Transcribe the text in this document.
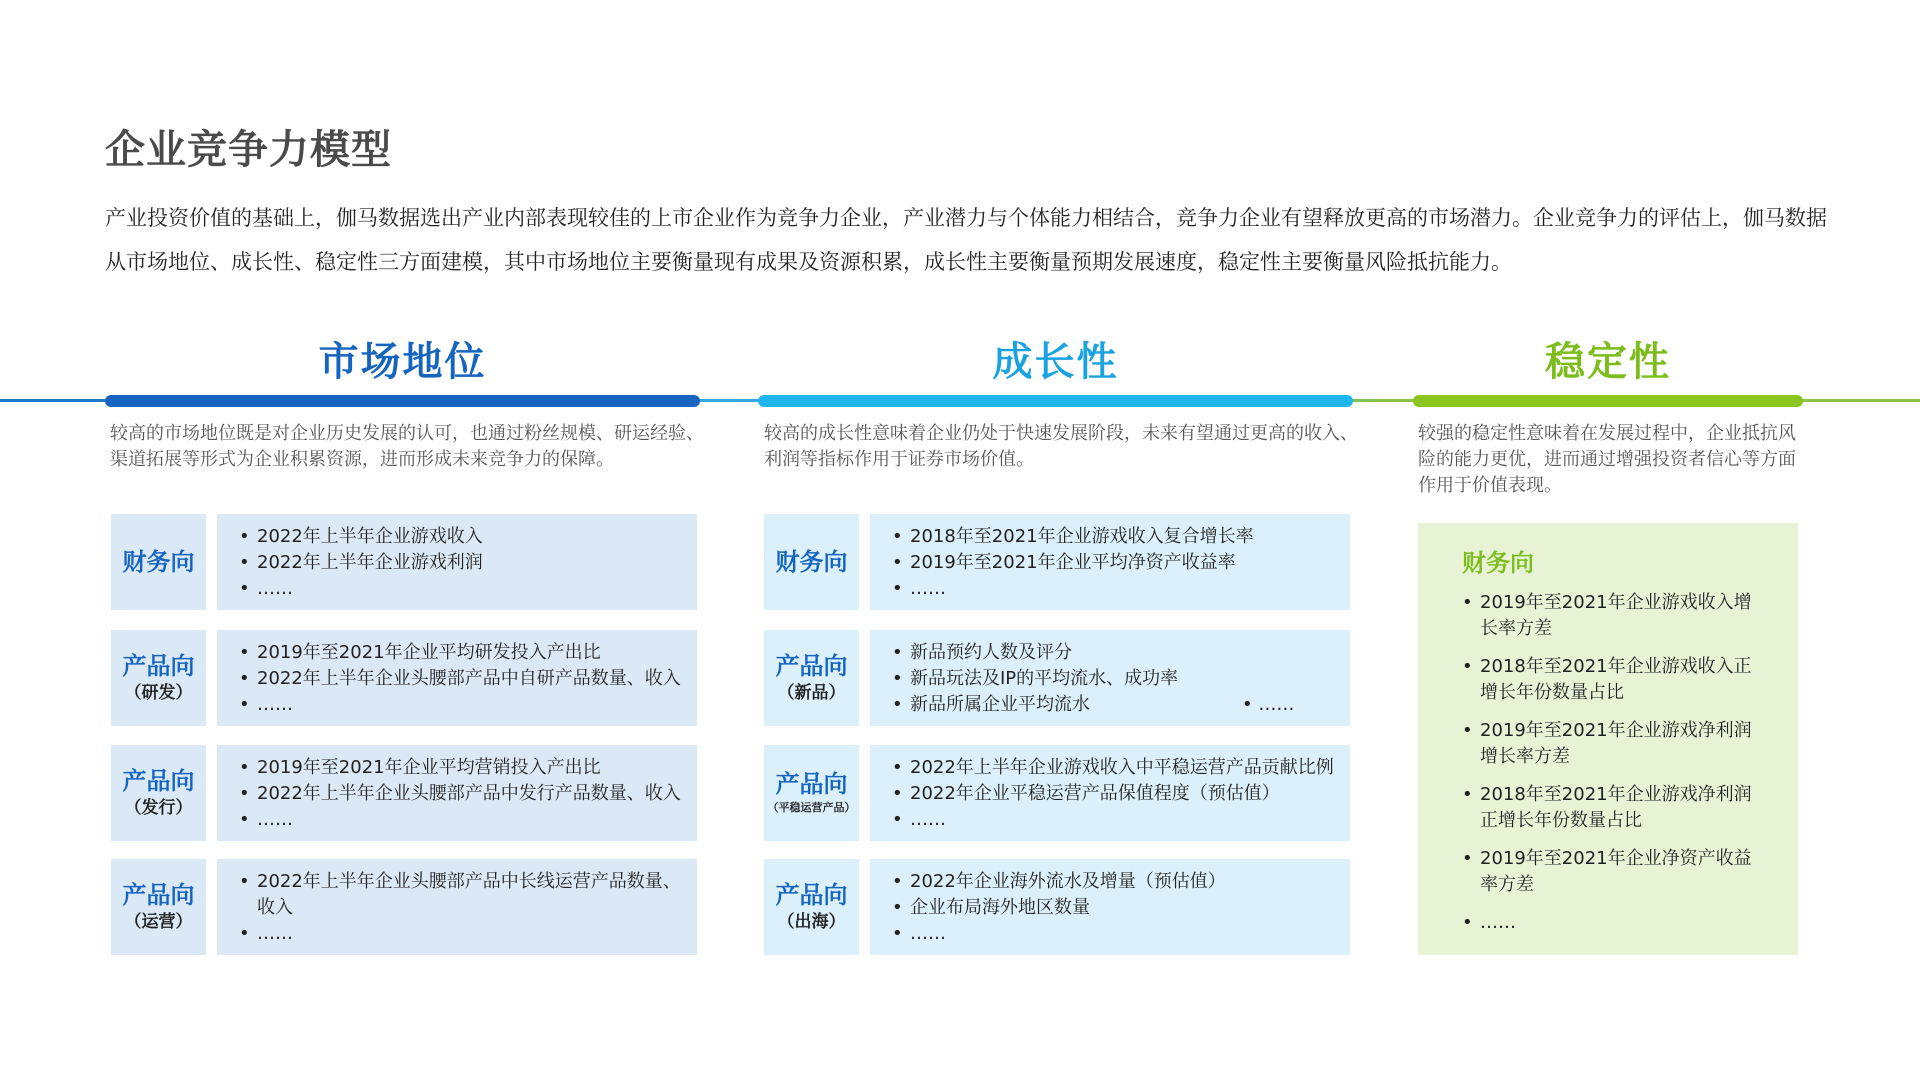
企业竞争力模型
产业投资价值的基础上，伽马数据选出产业内部表现较佳的上市企业作为竞争力企业，产业潜力与个体能力相结合，竞争力企业有望释放更高的市场潜力。企业竞争力的评估上，伽马数据从市场地位、成长性、稳定性三方面建模，其中市场地位主要衡量现有成果及资源积累，成长性主要衡量预期发展速度，稳定性主要衡量风险抵抗能力。
市场地位	成长性	稳定性
较高的市场地位既是对企业历史发展的认可，也通过粉丝规模、研运经验、渠道拓展等形式为企业积累资源，进而形成未来竞争力的保障。
较高的成长性意味着企业仍处于快速发展阶段，未来有望通过更高的收入、利润等指标作用于证券市场价值。
较强的稳定性意味着在发展过程中，企业抵抗风险的能力更优，进而通过增强投资者信心等方面作用于价值表现。
财务向
• 2022年上半年企业游戏收入
• 2022年上半年企业游戏利润
• ……
产品向
（研发）
• 2019年至2021年企业平均研发投入产出比
• 2022年上半年企业头腰部产品中自研产品数量、收入
• ……
产品向
（发行）
• 2019年至2021年企业平均营销投入产出比
• 2022年上半年企业头腰部产品中发行产品数量、收入
• ……
产品向
（运营）
• 2022年上半年企业头腰部产品中长线运营产品数量、收入
• ……
财务向
• 2018年至2021年企业游戏收入复合增长率
• 2019年至2021年企业平均净资产收益率
• ……
产品向
（新品）
• 新品预约人数及评分
• 新品玩法及IP的平均流水、成功率
• 新品所属企业平均流水	• ……
产品向
（平稳运营产品）
• 2022年上半年企业游戏收入中平稳运营产品贡献比例
• 2022年企业平稳运营产品保值程度（预估值）
• ……
产品向
（出海）
• 2022年企业海外流水及增量（预估值）
• 企业布局海外地区数量
• ……
财务向
• 2019年至2021年企业游戏收入增长率方差
• 2018年至2021年企业游戏收入正增长年份数量占比
• 2019年至2021年企业游戏净利润增长率方差
• 2018年至2021年企业游戏净利润正增长年份数量占比
• 2019年至2021年企业净资产收益率方差
• ……
